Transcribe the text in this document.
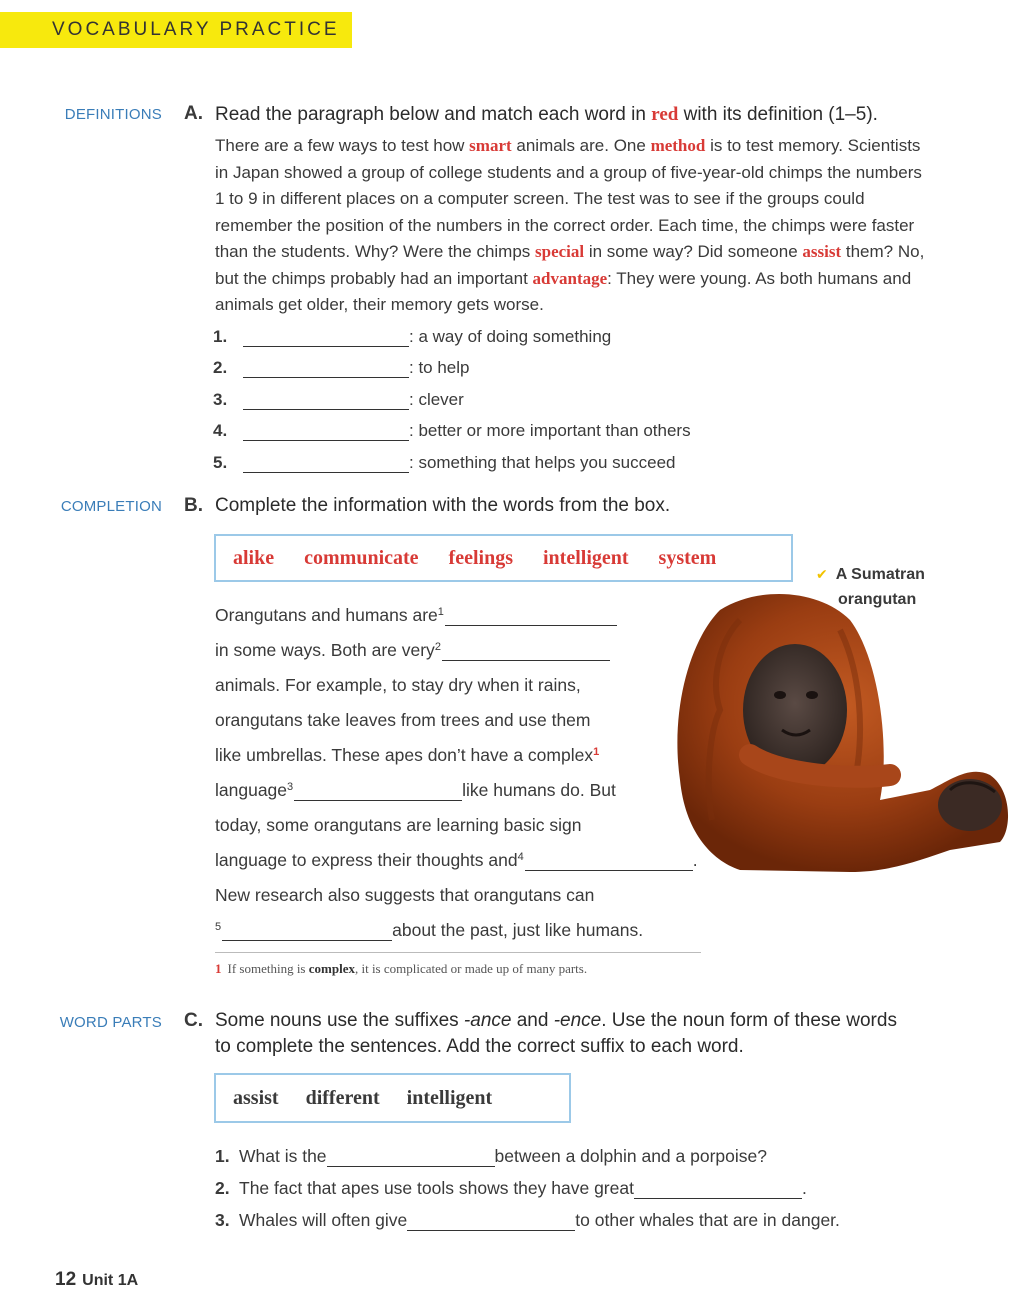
VOCABULARY PRACTICE
DEFINITIONS A. Read the paragraph below and match each word in red with its definition (1–5).
There are a few ways to test how smart animals are. One method is to test memory. Scientists in Japan showed a group of college students and a group of five-year-old chimps the numbers 1 to 9 in different places on a computer screen. The test was to see if the groups could remember the position of the numbers in the correct order. Each time, the chimps were faster than the students. Why? Were the chimps special in some way? Did someone assist them? No, but the chimps probably had an important advantage: They were young. As both humans and animals get older, their memory gets worse.
1.	: a way of doing something
2.	: to help
3.	: clever
4.	: better or more important than others
5.	: something that helps you succeed
COMPLETION B. Complete the information with the words from the box.
alike communicate feelings intelligent system
✔ A Sumatran
orangutan
Orangutans and humans are 1
in some ways. Both are very 2
animals. For example, to stay dry when it rains,
orangutans take leaves from trees and use them
like umbrellas. These apes don’t have a complex 1
language 3	like humans do. But
today, some orangutans are learning basic sign
language to express their thoughts and 4	.
New research also suggests that orangutans can
5	about the past, just like humans.
1 If something is complex, it is complicated or made up of many parts.
WORD PARTS C. Some nouns use the suffixes -ance and -ence. Use the noun form of these words
to complete the sentences. Add the correct suffix to each word.
assist different intelligent
1. What is the	between a dolphin and a porpoise?
2. The fact that apes use tools shows they have great	.
3. Whales will often give	to other whales that are in danger.
12 Unit 1A
